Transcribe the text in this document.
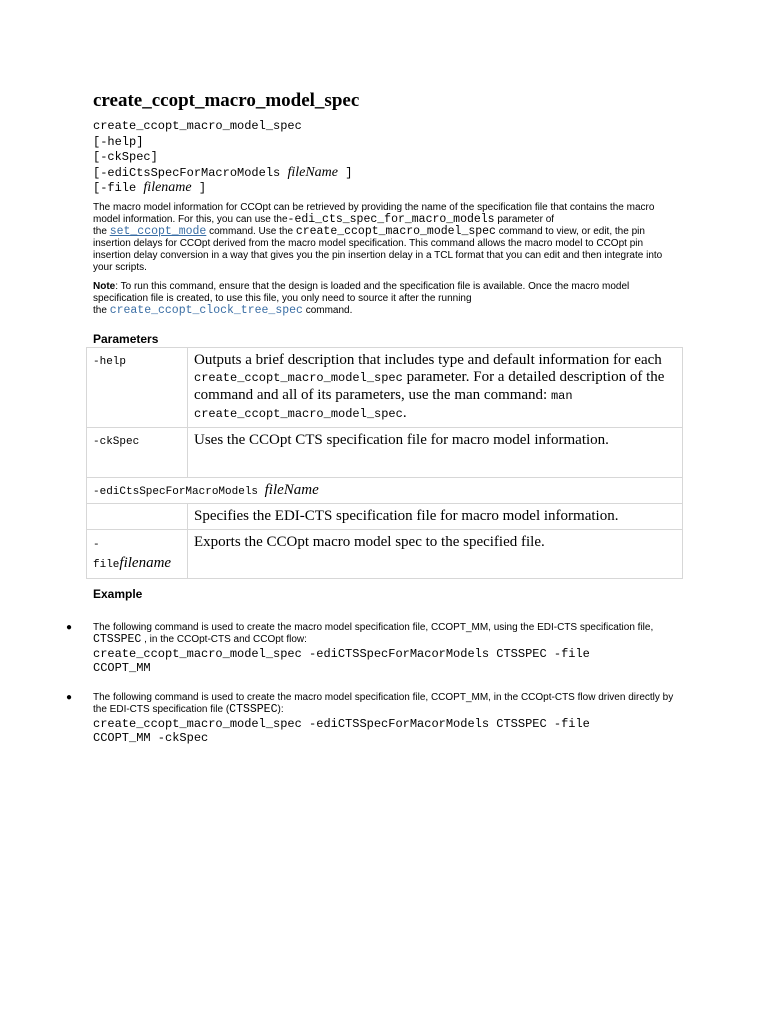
create_ccopt_macro_model_spec
create_ccopt_macro_model_spec
[-help]
[-ckSpec]
[-ediCtsSpecForMacroModels fileName ]
[-file filename ]

The macro model information for CCOpt can be retrieved by providing the name of the specification file that contains the macro model information. For this, you can use the-edi_cts_spec_for_macro_models parameter of
the set_ccopt_mode command. Use the create_ccopt_macro_model_spec command to view, or edit, the pin insertion delays for CCOpt derived from the macro model specification. This command allows the macro model to CCOpt pin insertion delay conversion in a way that gives you the pin insertion delay in a TCL format that you can edit and then integrate into your scripts.

Note: To run this command, ensure that the design is loaded and the specification file is available. Once the macro model specification file is created, to use this file, you only need to source it after the running
the create_ccopt_clock_tree_spec command.

Parameters
-help	Outputs a brief description that includes type and default information for each create_ccopt_macro_model_spec parameter. For a detailed description of the command and all of its parameters, use the man command: man create_ccopt_macro_model_spec.
-ckSpec	Uses the CCOpt CTS specification file for macro model information.
-ediCtsSpecForMacroModels fileName	
	Specifies the EDI-CTS specification file for macro model information.
-
filefilename	Exports the CCOpt macro model spec to the specified file.
Example
● The following command is used to create the macro model specification file, CCOPT_MM, using the EDI-CTS specification file, CTSSPEC , in the CCOpt-CTS and CCOpt flow:
create_ccopt_macro_model_spec -ediCTSSpecForMacorModels CTSSPEC -file
CCOPT_MM
● The following command is used to create the macro model specification file, CCOPT_MM, in the CCOpt-CTS flow driven directly by the EDI-CTS specification file (CTSSPEC):
create_ccopt_macro_model_spec -ediCTSSpecForMacorModels CTSSPEC -file
CCOPT_MM -ckSpec
